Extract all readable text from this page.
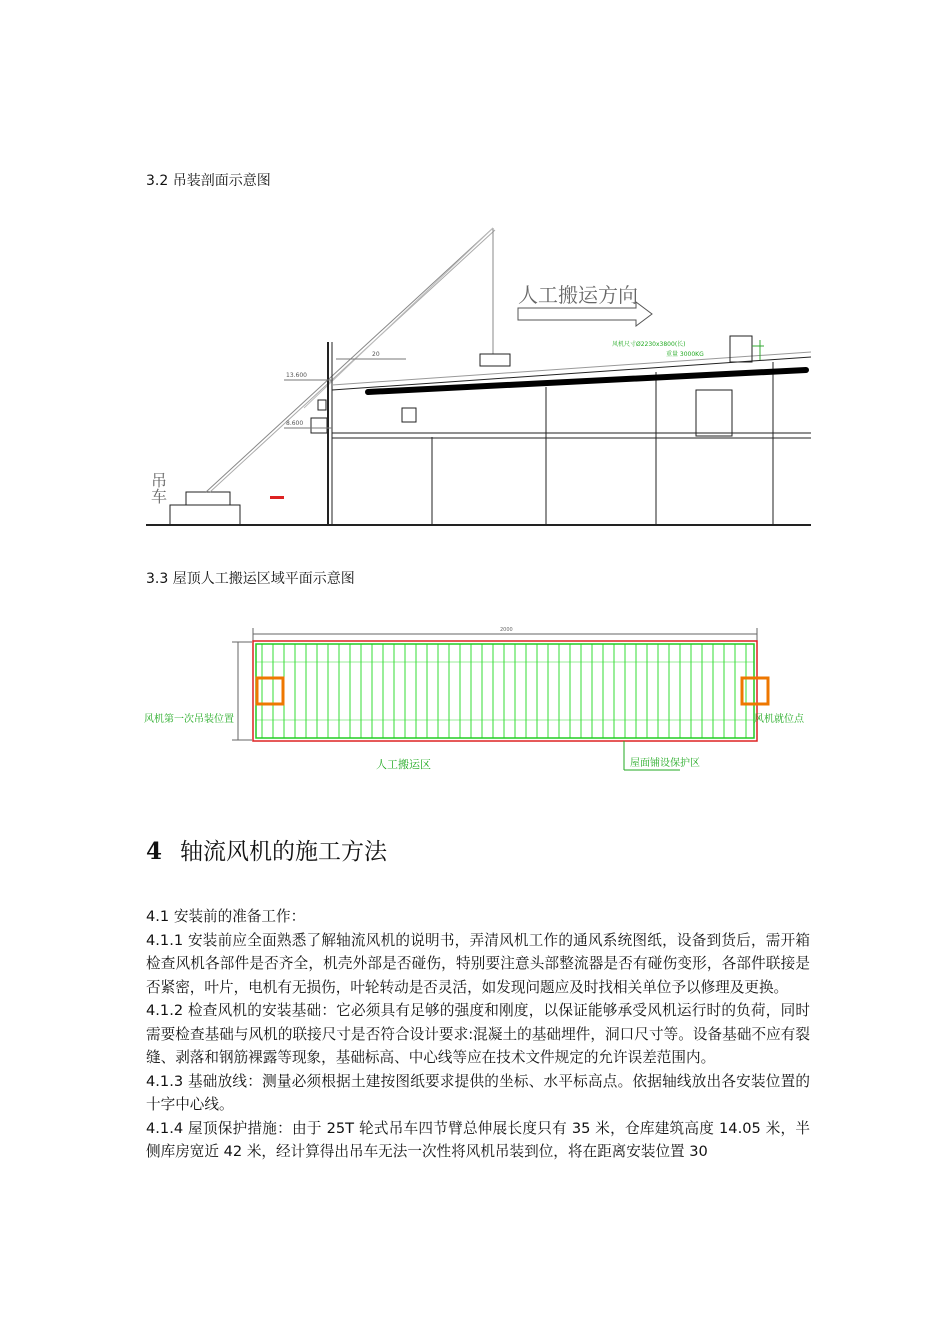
3.2 吊装剖面示意图
人工搬运方向
风机尺寸Ø2230x3800(长)
重量 3000KG
13.600
8.600
20
吊车
3.3 屋顶人工搬运区域平面示意图
2000
风机第一次吊装位置	风机就位点
人工搬运区	屋面铺设保护区
4 轴流风机的施工方法

4.1 安装前的准备工作：

4.1.1 安装前应全面熟悉了解轴流风机的说明书，弄清风机工作的通风系统图纸，设备到货后，需开箱检查风机各部件是否齐全，机壳外部是否碰伤，特别要注意头部整流器是否有碰伤变形，各部件联接是否紧密，叶片，电机有无损伤，叶轮转动是否灵活，如发现问题应及时找相关单位予以修理及更换。

4.1.2 检查风机的安装基础：它必须具有足够的强度和刚度，以保证能够承受风机运行时的负荷，同时需要检查基础与风机的联接尺寸是否符合设计要求:混凝土的基础埋件，洞口尺寸等。设备基础不应有裂缝、剥落和钢筋裸露等现象，基础标高、中心线等应在技术文件规定的允许误差范围内。

4.1.3 基础放线：测量必须根据土建按图纸要求提供的坐标、水平标高点。依据轴线放出各安装位置的十字中心线。

4.1.4 屋顶保护措施：由于 25T 轮式吊车四节臂总伸展长度只有 35 米，仓库建筑高度 14.05 米，半侧库房宽近 42 米，经计算得出吊车无法一次性将风机吊装到位，将在距离安装位置 30
